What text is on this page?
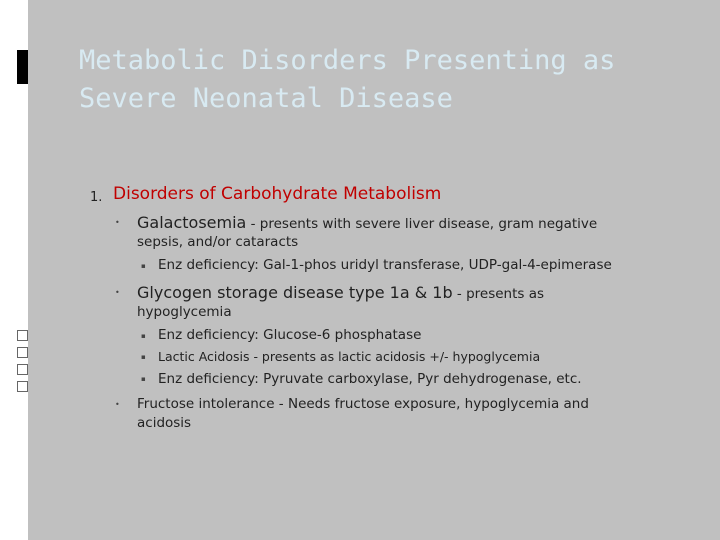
Metabolic Disorders Presenting as Severe Neonatal Disease
1. Disorders of Carbohydrate Metabolism
• Galactosemia - presents with severe liver disease, gram negative
sepsis, and/or cataracts
▪ Enz deficiency: Gal-1-phos uridyl transferase, UDP-gal-4-epimerase
• Glycogen storage disease type 1a & 1b - presents as
hypoglycemia
▪ Enz deficiency: Glucose-6 phosphatase
▪ Lactic Acidosis - presents as lactic acidosis +/- hypoglycemia
▪ Enz deficiency: Pyruvate carboxylase, Pyr dehydrogenase, etc.
• Fructose intolerance - Needs fructose exposure, hypoglycemia and
acidosis
